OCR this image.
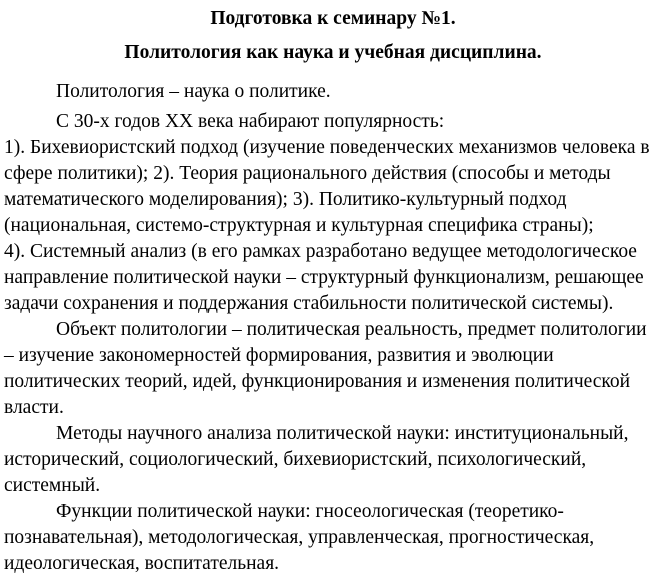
Подготовка к семинару №1.
Политология как наука и учебная дисциплина.
Политология – наука о политике.
С 30-х годов XX века набирают популярность:
1). Бихевиористский подход (изучение поведенческих механизмов человека в
сфере политики); 2). Теория рационального действия (способы и методы
математического моделирования); 3). Политико-культурный подход
(национальная, системо-структурная и культурная специфика страны);
4). Системный анализ (в его рамках разработано ведущее методологическое
направление политической науки – структурный функционализм, решающее
задачи сохранения и поддержания стабильности политической системы).
Объект политологии – политическая реальность, предмет политологии
– изучение закономерностей формирования, развития и эволюции
политических теорий, идей, функционирования и изменения политической
власти.
Методы научного анализа политической науки: институциональный,
исторический, социологический, бихевиористский, психологический,
системный.
Функции политической науки: гносеологическая (теоретико-
познавательная), методологическая, управленческая, прогностическая,
идеологическая, воспитательная.
